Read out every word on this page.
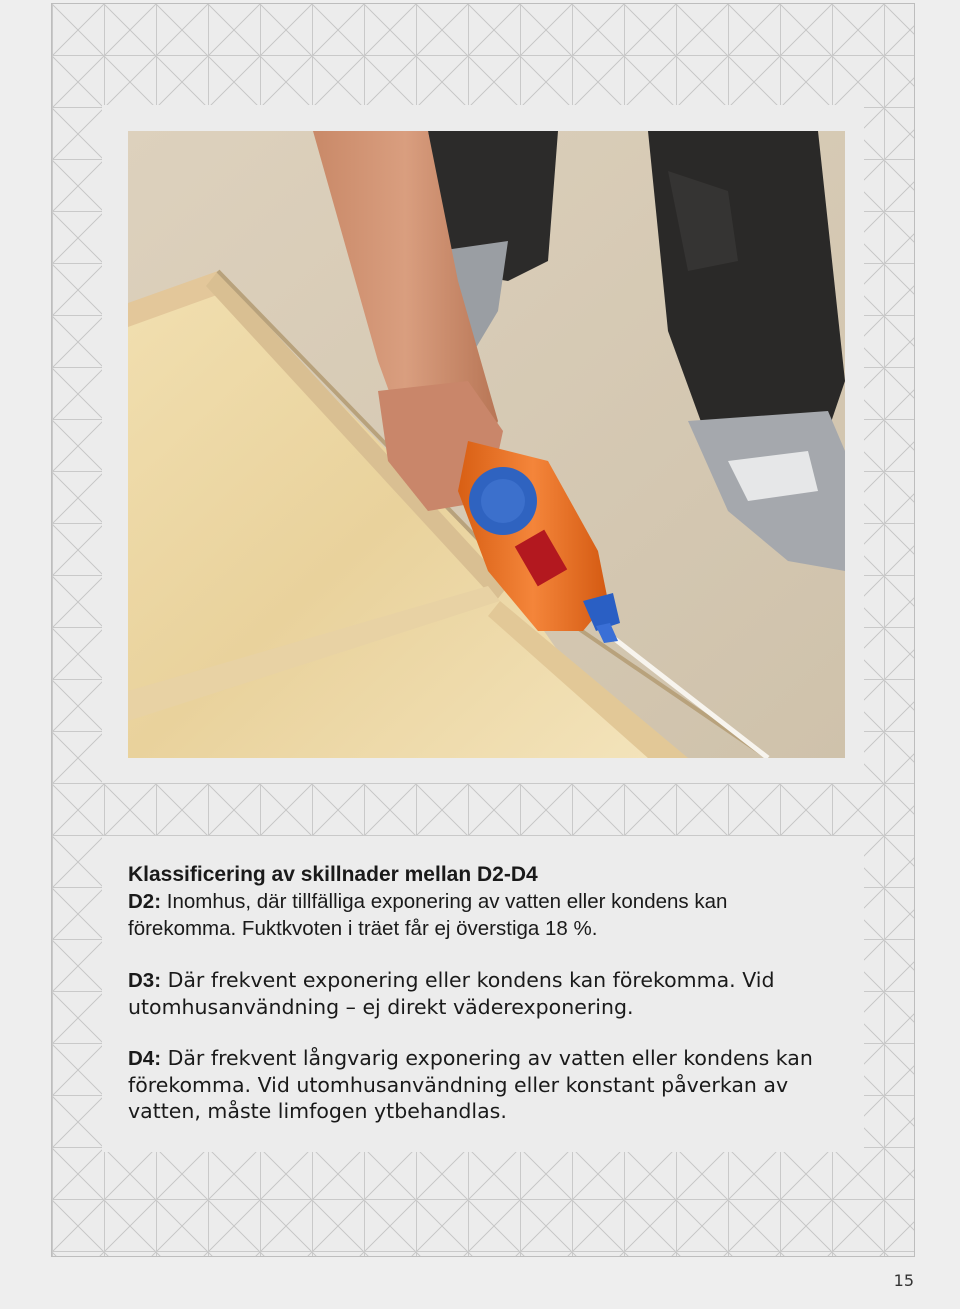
Klassificering av skillnader mellan D2-D4
D2: Inomhus, där tillfälliga exponering av vatten eller kondens kan förekomma. Fuktkvoten i träet får ej överstiga 18 %.

D3: Där frekvent exponering eller kondens kan förekomma. Vid utomhusanvändning – ej direkt väderexponering.

D4: Där frekvent långvarig exponering av vatten eller kondens kan förekomma. Vid utomhusanvändning eller konstant påverkan av vatten, måste limfogen ytbehandlas.

15
